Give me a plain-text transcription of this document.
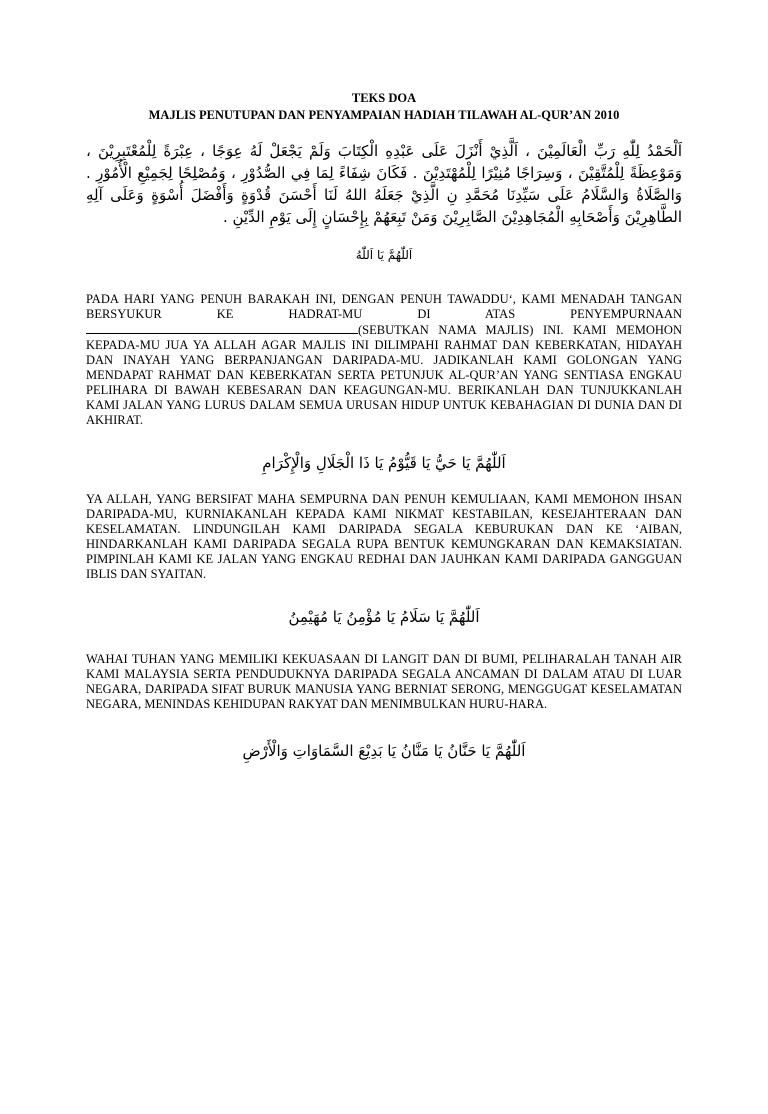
TEKS DOA
MAJLIS PENUTUPAN DAN PENYAMPAIAN HADIAH TILAWAH AL-QUR’AN 2010
اَلْحَمْدُ لِلّٰهِ رَبِّ الْعَالَمِيْنَ ، اَلَّذِيْ أَنْزَلَ عَلَى عَبْدِهِ الْكِتَابَ وَلَمْ يَجْعَلْ لَهُ عِوَجًا ، عِبْرَةً لِلْمُعْتَبِرِيْنَ ، وَمَوْعِظَةً لِلْمُتَّقِيْنَ ، وَسِرَاجًا مُنِيْرًا لِلْمُهْتَدِيْنَ . فَكَانَ شِفَاءً لِمَا فِي الصُّدُوْرِ ، وَمُصْلِحًا لِجَمِيْعِ الْأُمُوْرِ . وَالصَّلَاةُ وَالسَّلَامُ عَلَى سَيِّدِنَا مُحَمَّدِ نِ الَّذِيْ جَعَلَهُ اللهُ لَنَا أَحْسَنَ قُدْوَةٍ وَأَفْضَلَ أُسْوَةٍ وَعَلَى آلِهِ الطَّاهِرِيْنَ وَأَصْحَابِهِ الْمُجَاهِدِيْنَ الصَّابِرِيْنَ وَمَنْ تَبِعَهُمْ بِإِحْسَانٍ إِلَى يَوْمِ الدِّيْنِ .
اَللّٰهُمَّ يَا اَللّٰهُ
PADA HARI YANG PENUH BARAKAH INI, DENGAN PENUH TAWADDU‘, KAMI MENADAH TANGAN BERSYUKUR KE HADRAT-MU DI ATAS PENYEMPURNAAN (SEBUTKAN NAMA MAJLIS) INI. KAMI MEMOHON KEPADA-MU JUA YA ALLAH AGAR MAJLIS INI DILIMPAHI RAHMAT DAN KEBERKATAN, HIDAYAH DAN INAYAH YANG BERPANJANGAN DARIPADA-MU. JADIKANLAH KAMI GOLONGAN YANG MENDAPAT RAHMAT DAN KEBERKATAN SERTA PETUNJUK AL-QUR’AN YANG SENTIASA ENGKAU PELIHARA DI BAWAH KEBESARAN DAN KEAGUNGAN-MU. BERIKANLAH DAN TUNJUKKANLAH KAMI JALAN YANG LURUS DALAM SEMUA URUSAN HIDUP UNTUK KEBAHAGIAN DI DUNIA DAN DI AKHIRAT.
اَللّٰهُمَّ يَا حَيُّ يَا قَيُّوْمُ يَا ذَا الْجَلَالِ وَالْإِكْرَامِ
YA ALLAH, YANG BERSIFAT MAHA SEMPURNA DAN PENUH KEMULIAAN, KAMI MEMOHON IHSAN DARIPADA-MU, KURNIAKANLAH KEPADA KAMI NIKMAT KESTABILAN, KESEJAHTERAAN DAN KESELAMATAN. LINDUNGILAH KAMI DARIPADA SEGALA KEBURUKAN DAN KE ‘AIBAN, HINDARKANLAH KAMI DARIPADA SEGALA RUPA BENTUK KEMUNGKARAN DAN KEMAKSIATAN. PIMPINLAH KAMI KE JALAN YANG ENGKAU REDHAI DAN JAUHKAN KAMI DARIPADA GANGGUAN IBLIS DAN SYAITAN.
اَللّٰهُمَّ يَا سَلَامُ يَا مُؤْمِنُ يَا مُهَيْمِنُ
WAHAI TUHAN YANG MEMILIKI KEKUASAAN DI LANGIT DAN DI BUMI, PELIHARALAH TANAH AIR KAMI MALAYSIA SERTA PENDUDUKNYA DARIPADA SEGALA ANCAMAN DI DALAM ATAU DI LUAR NEGARA, DARIPADA SIFAT BURUK MANUSIA YANG BERNIAT SERONG, MENGGUGAT KESELAMATAN NEGARA, MENINDAS KEHIDUPAN RAKYAT DAN MENIMBULKAN HURU-HARA.
اَللّٰهُمَّ يَا حَنَّانُ يَا مَنَّانُ يَا بَدِيْعَ السَّمَاوَاتِ وَالْأَرْضِ
